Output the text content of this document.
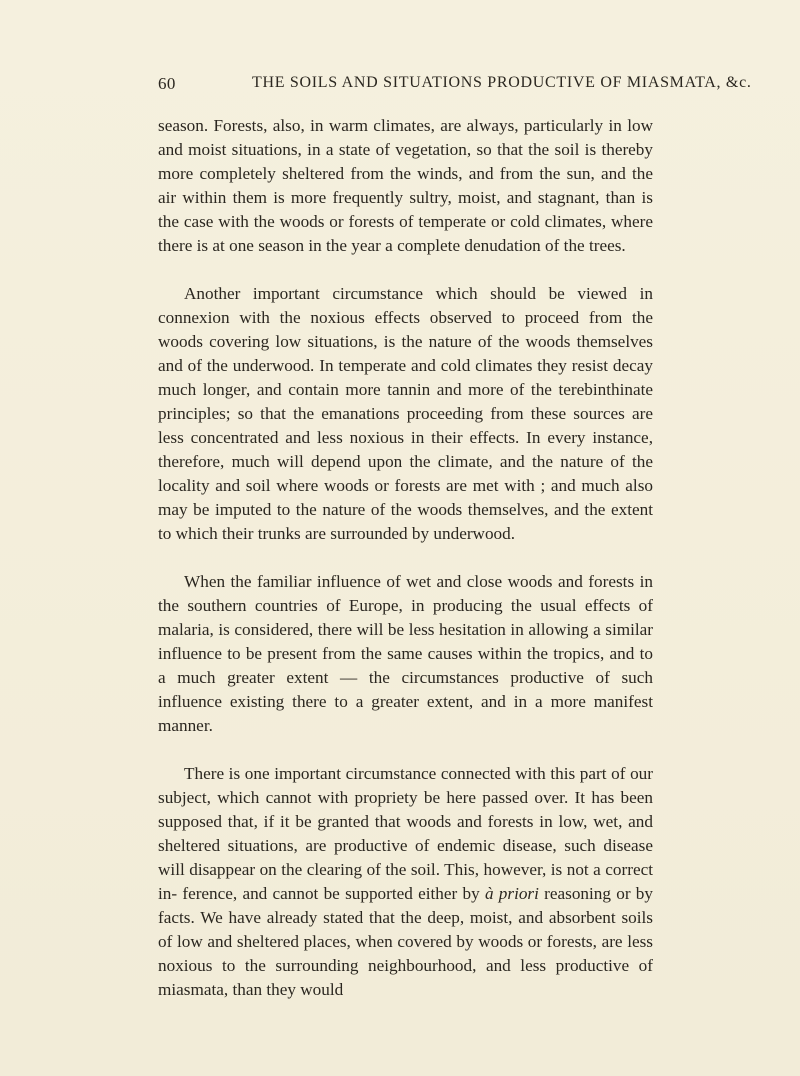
60	THE SOILS AND SITUATIONS PRODUCTIVE OF MIASMATA, &c.

season. Forests, also, in warm climates, are always, particularly in low and moist situations, in a state of vegetation, so that the soil is thereby more completely sheltered from the winds, and from the sun, and the air within them is more frequently sultry, moist, and stagnant, than is the case with the woods or forests of temperate or cold climates, where there is at one season in the year a complete denudation of the trees.

Another important circumstance which should be viewed in connexion with the noxious effects observed to proceed from the woods covering low situations, is the nature of the woods themselves and of the underwood. In temperate and cold climates they resist decay much longer, and contain more tannin and more of the terebinthinate principles; so that the emanations proceeding from these sources are less concentrated and less noxious in their effects. In every instance, therefore, much will depend upon the climate, and the nature of the locality and soil where woods or forests are met with ; and much also may be imputed to the nature of the woods themselves, and the extent to which their trunks are surrounded by underwood.

When the familiar influence of wet and close woods and forests in the southern countries of Europe, in producing the usual effects of malaria, is considered, there will be less hesitation in allowing a similar influence to be present from the same causes within the tropics, and to a much greater extent — the circumstances productive of such influence existing there to a greater extent, and in a more manifest manner.

There is one important circumstance connected with this part of our subject, which cannot with propriety be here passed over. It has been supposed that, if it be granted that woods and forests in low, wet, and sheltered situations, are productive of endemic disease, such disease will disappear on the clearing of the soil. This, however, is not a correct in- ference, and cannot be supported either by à priori reasoning or by facts. We have already stated that the deep, moist, and absorbent soils of low and sheltered places, when covered by woods or forests, are less noxious to the surrounding neighbourhood, and less productive of miasmata, than they would
